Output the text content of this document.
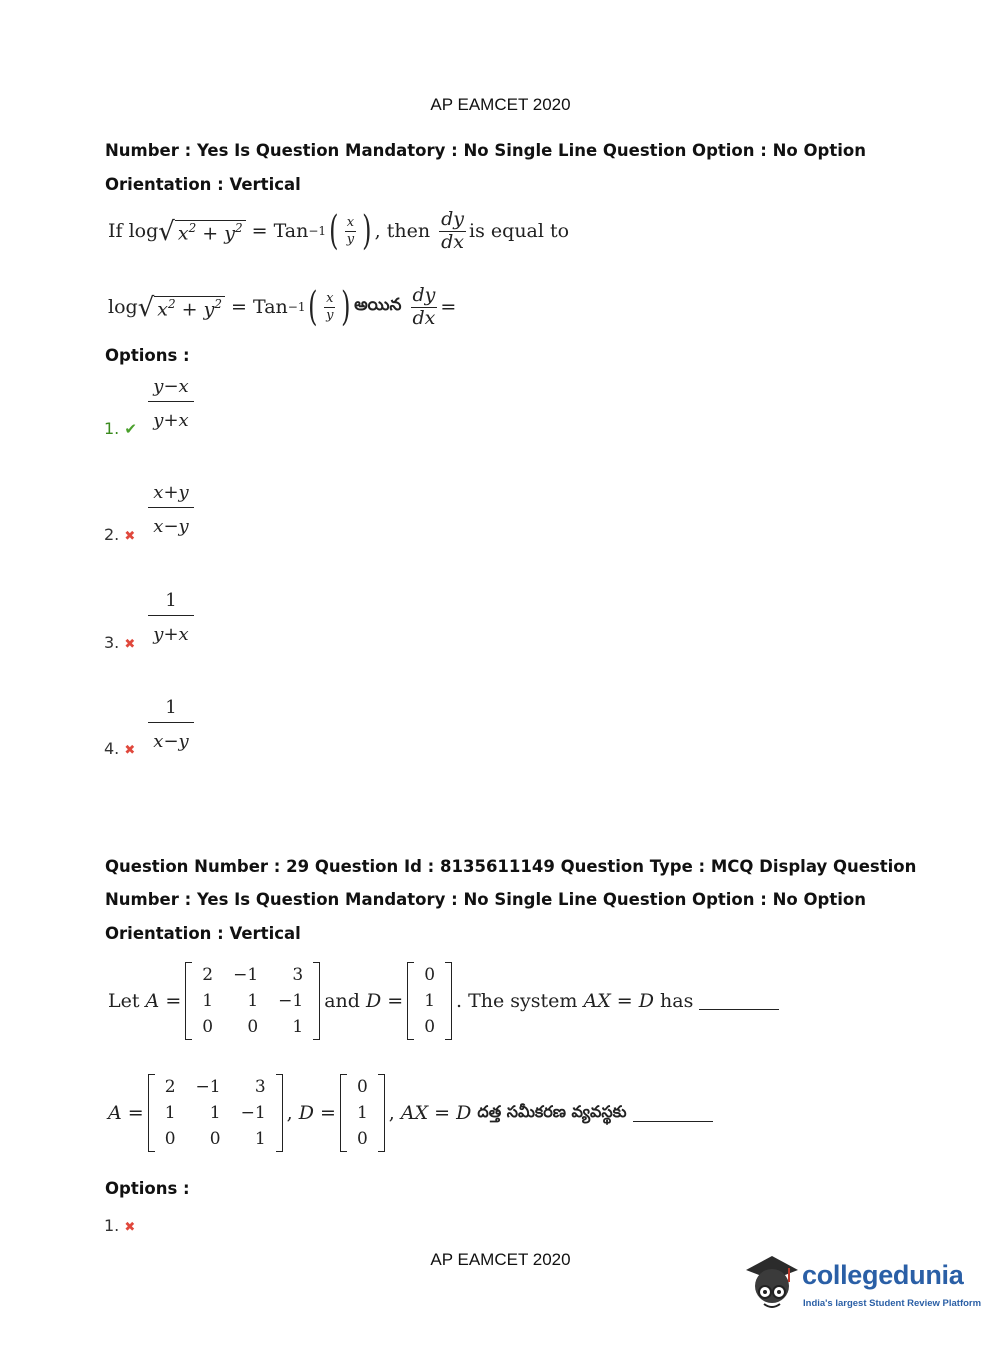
AP EAMCET 2020
Number : Yes Is Question Mandatory : No Single Line Question Option : No Option
Orientation : Vertical
If
log √ $x^2 + y^2$
=
Tan −1 ( $\frac{x}{y}$ ) , then
$\frac{dy}{dx}$ is equal to
log √ $x^2 + y^2$
=
Tan −1 ( $\frac{x}{y}$ ) అయిన
$\frac{dy}{dx}$ =
Options :
$\frac{y-x}{y+x}$
1. ✔
$\frac{x+y}{x-y}$
2. ✖
$\frac{1}{y+x}$
3. ✖
$\frac{1}{x-y}$
4. ✖
Question Number : 29 Question Id : 8135611149 Question Type : MCQ Display Question
Number : Yes Is Question Mandatory : No Single Line Question Option : No Option
Orientation : Vertical
Let
A =
2	−1	3
1	1	−1
0	0	1
and
D =
0
1
0
. The system
AX = D
has
A =
2	−1	3
1	1	−1
0	0	1
, D =
0
1
0
, AX = D
దత్త సమీకరణ వ్యవస్థకు
Options :
1. ✖
AP EAMCET 2020
collegedunia
India's largest Student Review Platform
